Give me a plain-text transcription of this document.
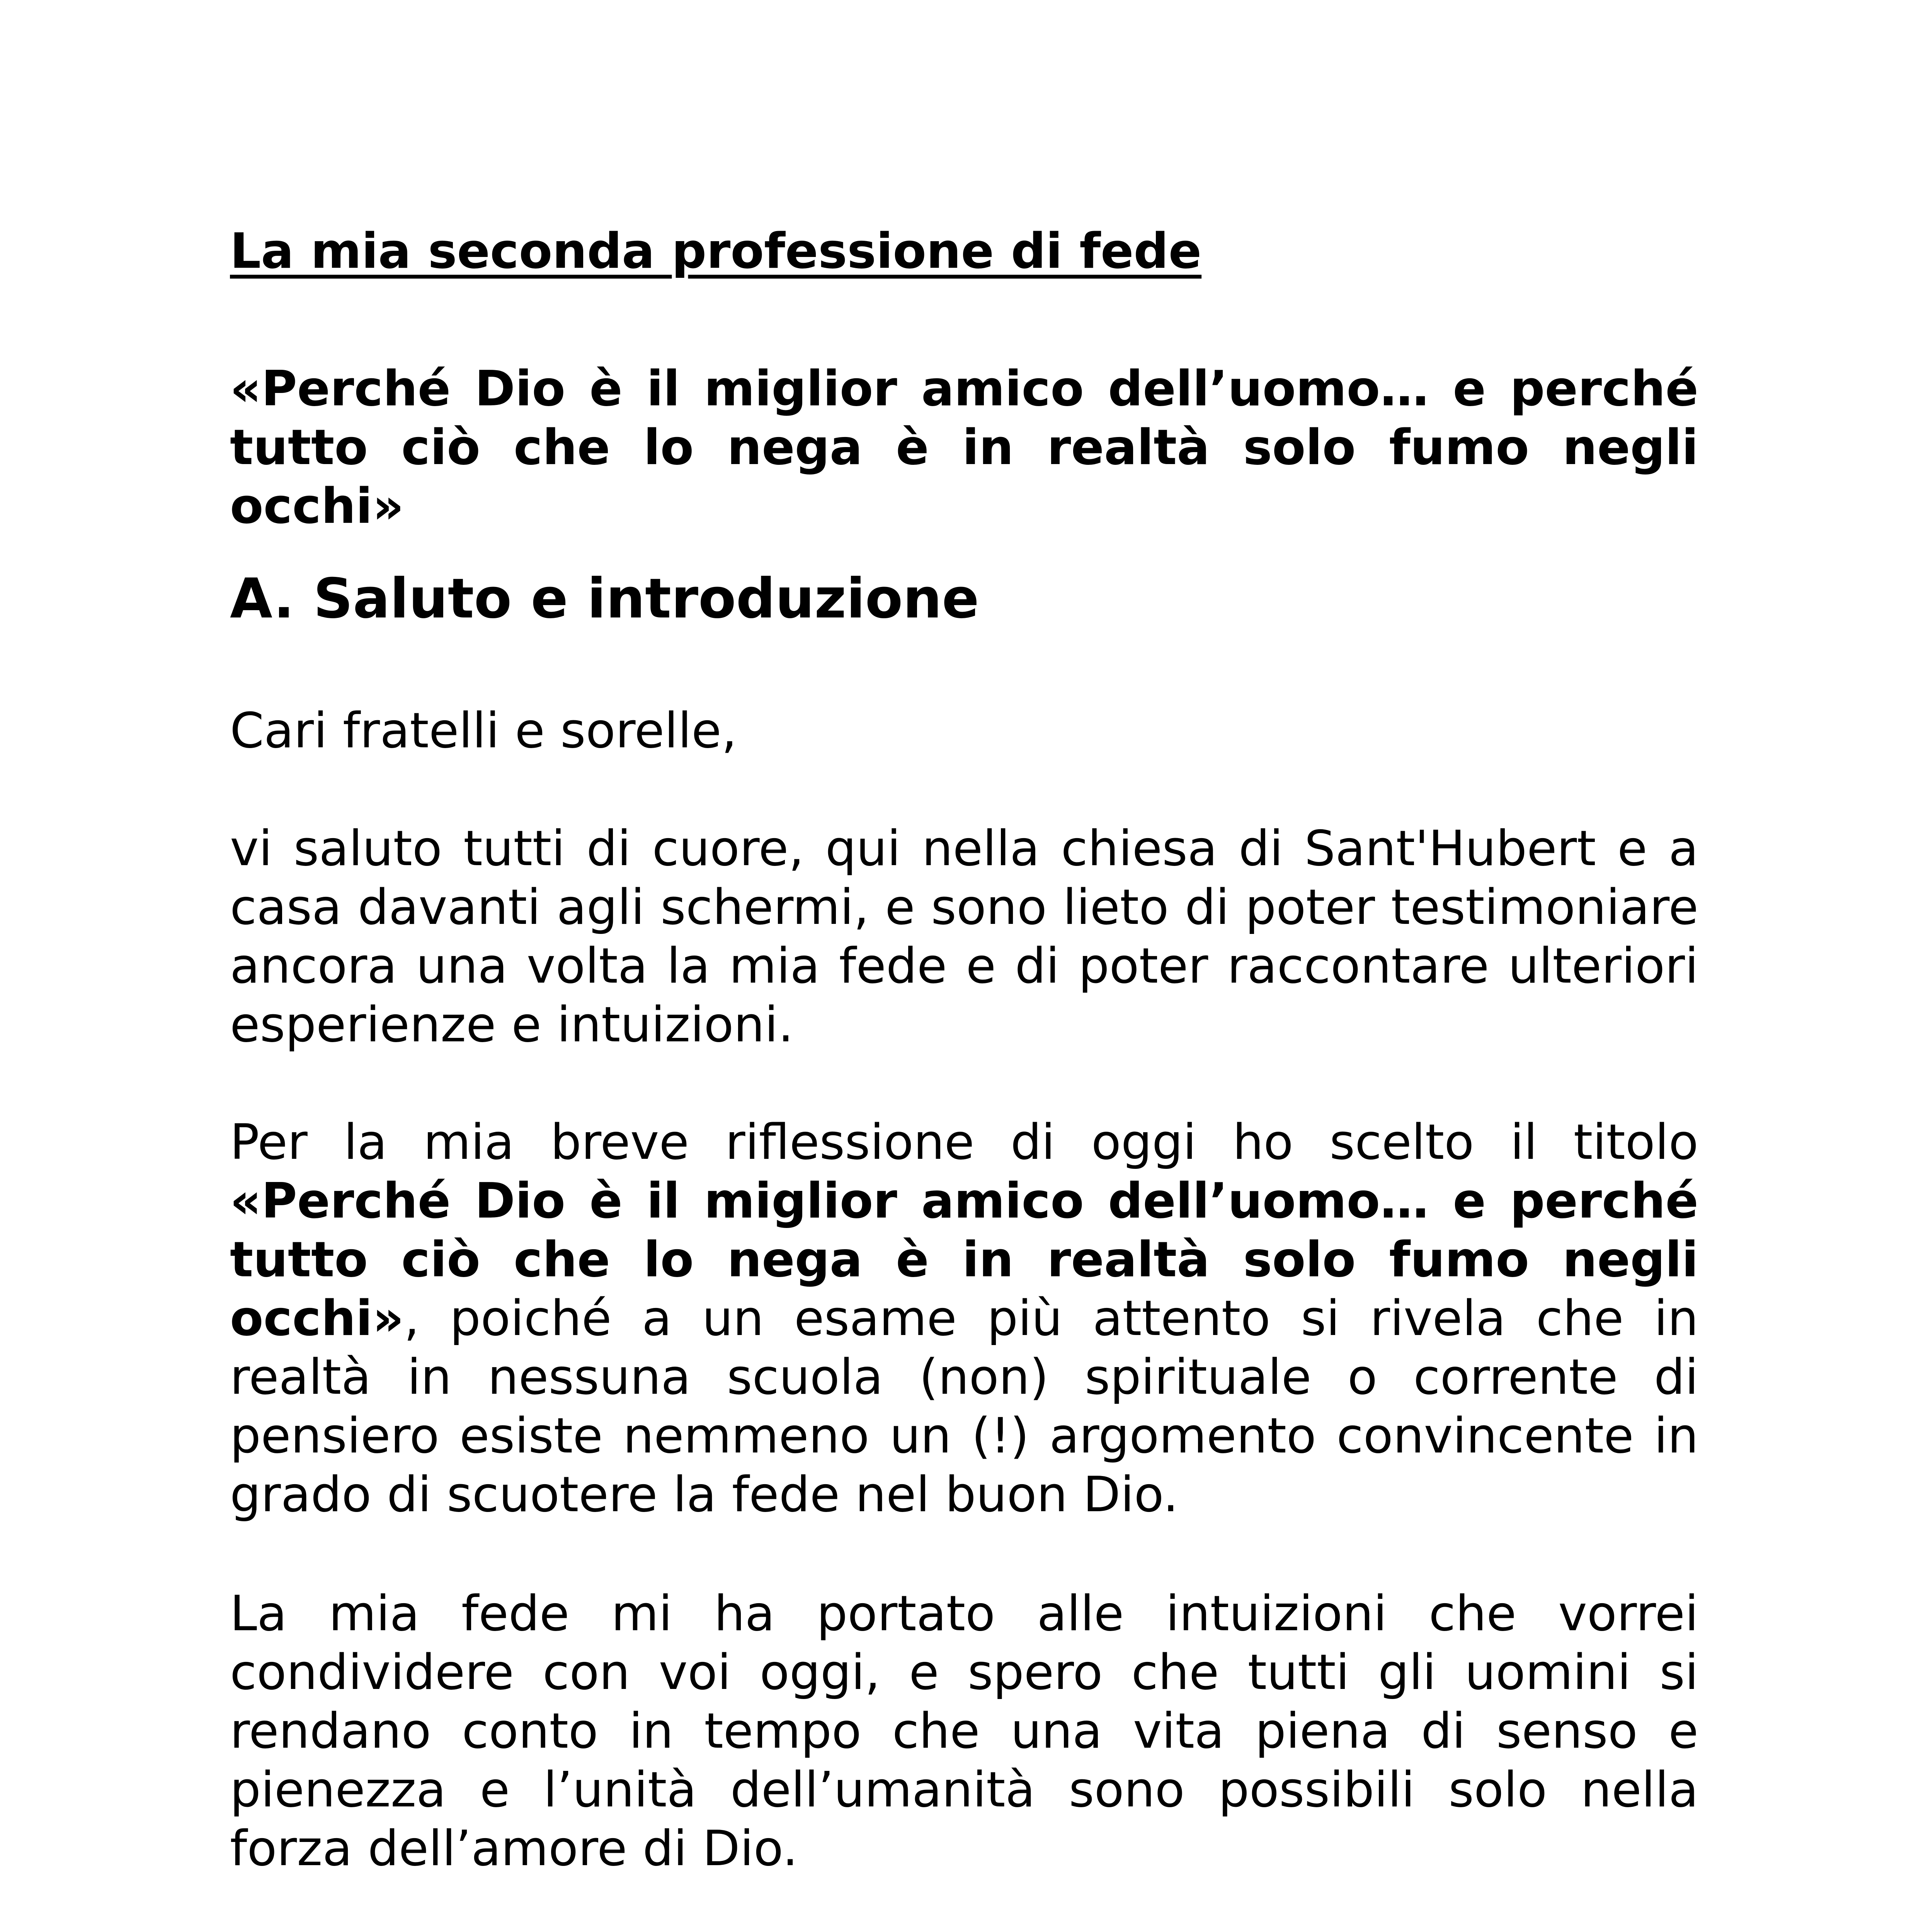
La mia seconda professione di fede

«Perché Dio è il miglior amico dell’uomo… e perché tutto ciò che lo nega è in realtà solo fumo negli occhi»

A. Saluto e introduzione

Cari fratelli e sorelle,

vi saluto tutti di cuore, qui nella chiesa di Sant'Hubert e a casa davanti agli schermi, e sono lieto di poter testimoniare ancora una volta la mia fede e di poter raccontare ulteriori esperienze e intuizioni.

Per la mia breve riflessione di oggi ho scelto il titolo «Perché Dio è il miglior amico dell’uomo… e perché tutto ciò che lo nega è in realtà solo fumo negli occhi», poiché a un esame più attento si rivela che in realtà in nessuna scuola (non) spirituale o corrente di pensiero esiste nemmeno un (!) argomento convincente in grado di scuotere la fede nel buon Dio.

La mia fede mi ha portato alle intuizioni che vorrei condividere con voi oggi, e spero che tutti gli uomini si rendano conto in tempo che una vita piena di senso e pienezza e l’unità dell’umanità sono possibili solo nella forza dell’amore di Dio.
